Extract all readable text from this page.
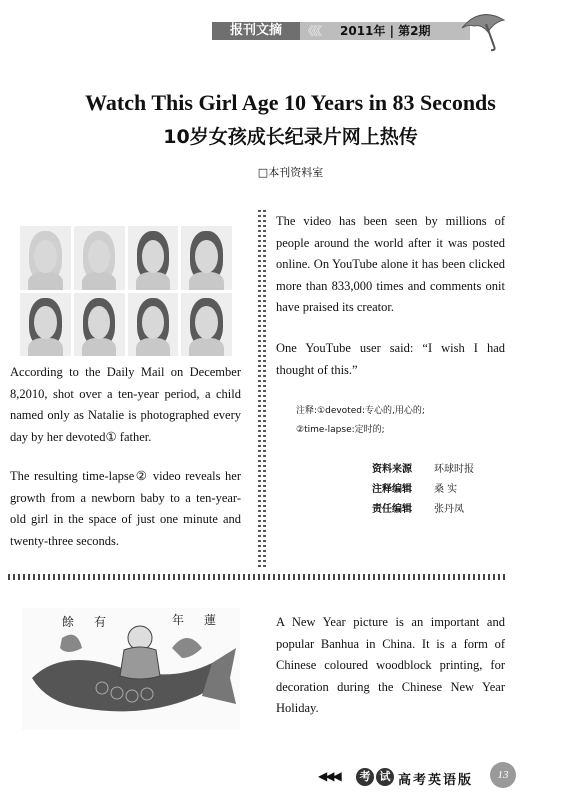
报刊文摘	《《《	2011年 | 第2期
Watch This Girl Age 10 Years in 83 Seconds
10岁女孩成长纪录片网上热传
□本刊资料室
According to the Daily Mail on December 8,2010, shot over a ten-year period, a child named only as Natalie is photographed every day by her devoted① father.
The resulting time-lapse② video reveals her growth from a newborn baby to a ten-year-old girl in the space of just one minute and twenty-three seconds.
The video has been seen by millions of people around the world after it was posted online. On YouTube alone it has been clicked more than 833,000 times and comments onit have praised its creator.
One YouTube user said: “I wish I had thought of this.”
注释:①devoted:专心的,用心的;
②time-lapse:定时的;
资料来源 环球时报
注释编辑 桑 实
责任编辑 张丹凤
餘 有	年 蓮	A New Year picture is an important and popular Banhua in China. It is a form of Chinese coloured woodblock printing, for decoration during the Chinese New Year Holiday.
◀◀◀	考 试 高考英语版	13
